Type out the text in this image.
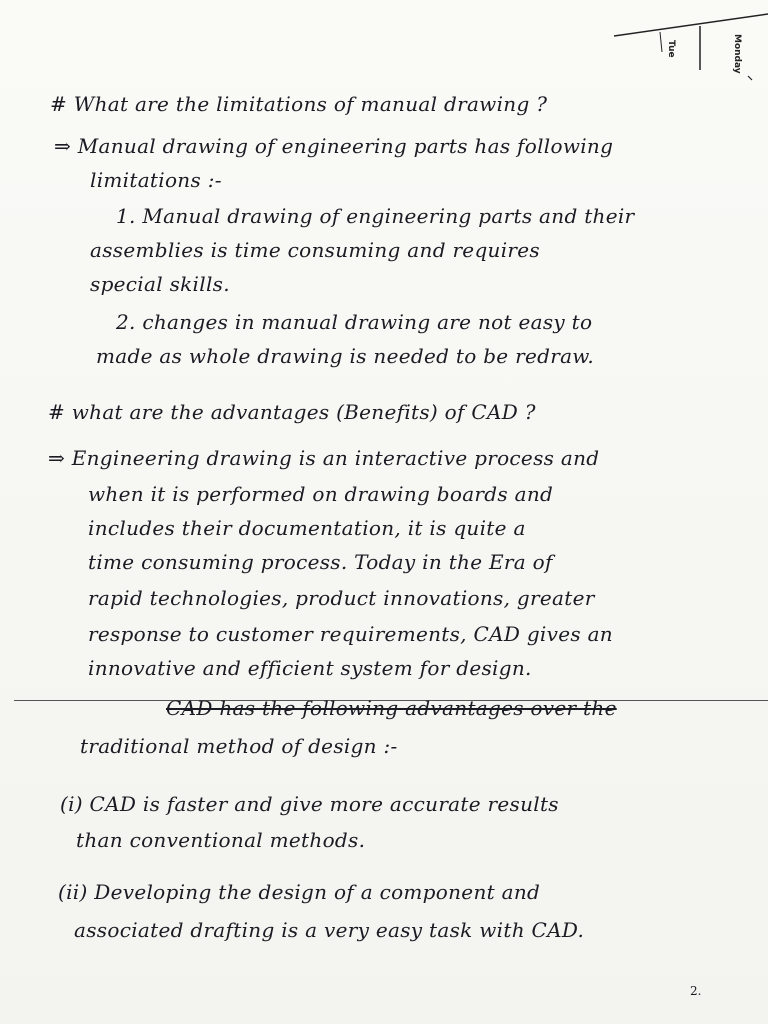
Monday
Tue
# What are the limitations of manual drawing ?
⇒ Manual drawing of engineering parts has following
limitations :-
1. Manual drawing of engineering parts and their
assemblies is time consuming and requires
special skills.
2. changes in manual drawing are not easy to
made as whole drawing is needed to be redraw.
# what are the advantages (Benefits) of CAD ?
⇒ Engineering drawing is an interactive process and
when it is performed on drawing boards and
includes their documentation, it is quite a
time consuming process. Today in the Era of
rapid technologies, product innovations, greater
response to customer requirements, CAD gives an
innovative and efficient system for design.
CAD has the following advantages over the
traditional method of design :-
(i) CAD is faster and give more accurate results
than conventional methods.
(ii) Developing the design of a component and
associated drafting is a very easy task with CAD.
2.
